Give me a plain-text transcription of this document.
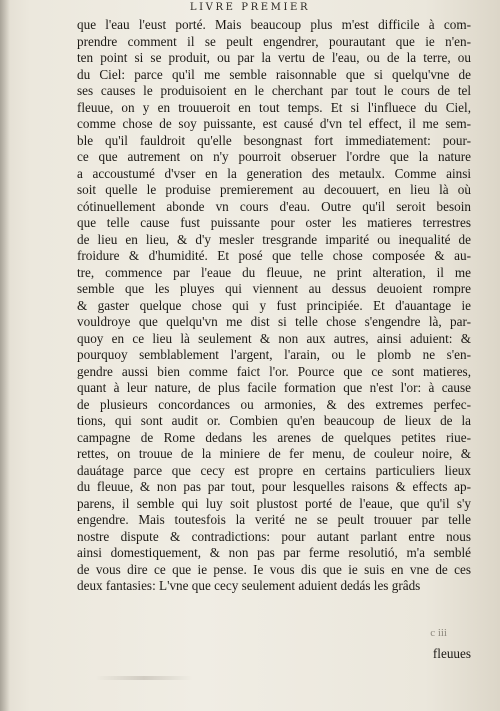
LIVRE PREMIER
que l'eau l'eust porté. Mais beaucoup plus m'est difficile à com-
prendre comment il se peult engendrer, pourautant que ie n'en-
ten point si se produit, ou par la vertu de l'eau, ou de la terre, ou
du Ciel: parce qu'il me semble raisonnable que si quelqu'vne de
ses causes le produisoient en le cherchant par tout le cours de tel
fleuue, on y en trouueroit en tout temps. Et si l'influece du Ciel,
comme chose de soy puissante, est causé d'vn tel effect, il me sem-
ble qu'il fauldroit qu'elle besongnast fort immediatement: pour-
ce que autrement on n'y pourroit obseruer l'ordre que la nature
a accoustumé d'vser en la generation des metaulx. Comme ainsi
soit quelle le produise premierement au decouuert, en lieu là où
cótinuellement abonde vn cours d'eau. Outre qu'il seroit besoin
que telle cause fust puissante pour oster les matieres terrestres
de lieu en lieu, & d'y mesler tresgrande imparité ou inequalité de
froidure & d'humidité. Et posé que telle chose composée & au-
tre, commence par l'eaue du fleuue, ne print alteration, il me
semble que les pluyes qui viennent au dessus deuoient rompre
& gaster quelque chose qui y fust principiée. Et d'auantage ie
vouldroye que quelqu'vn me dist si telle chose s'engendre là, par-
quoy en ce lieu là seulement & non aux autres, ainsi aduient: &
pourquoy semblablement l'argent, l'arain, ou le plomb ne s'en-
gendre aussi bien comme faict l'or. Pource que ce sont matieres,
quant à leur nature, de plus facile formation que n'est l'or: à cause
de plusieurs concordances ou armonies, & des extremes perfec-
tions, qui sont audit or. Combien qu'en beaucoup de lieux de la
campagne de Rome dedans les arenes de quelques petites riue-
rettes, on trouue de la miniere de fer menu, de couleur noire, &
dauátage parce que cecy est propre en certains particuliers lieux
du fleuue, & non pas par tout, pour lesquelles raisons & effects ap-
parens, il semble qui luy soit plustost porté de l'eaue, que qu'il s'y
engendre. Mais toutesfois la verité ne se peult trouuer par telle
nostre dispute & contradictions: pour autant parlant entre nous
ainsi domestiquement, & non pas par ferme resolutió, m'a semblé
de vous dire ce que ie pense. Ie vous dis que ie suis en vne de ces
deux fantasies: L'vne que cecy seulement aduient dedás les grâds
c iii
fleuues
